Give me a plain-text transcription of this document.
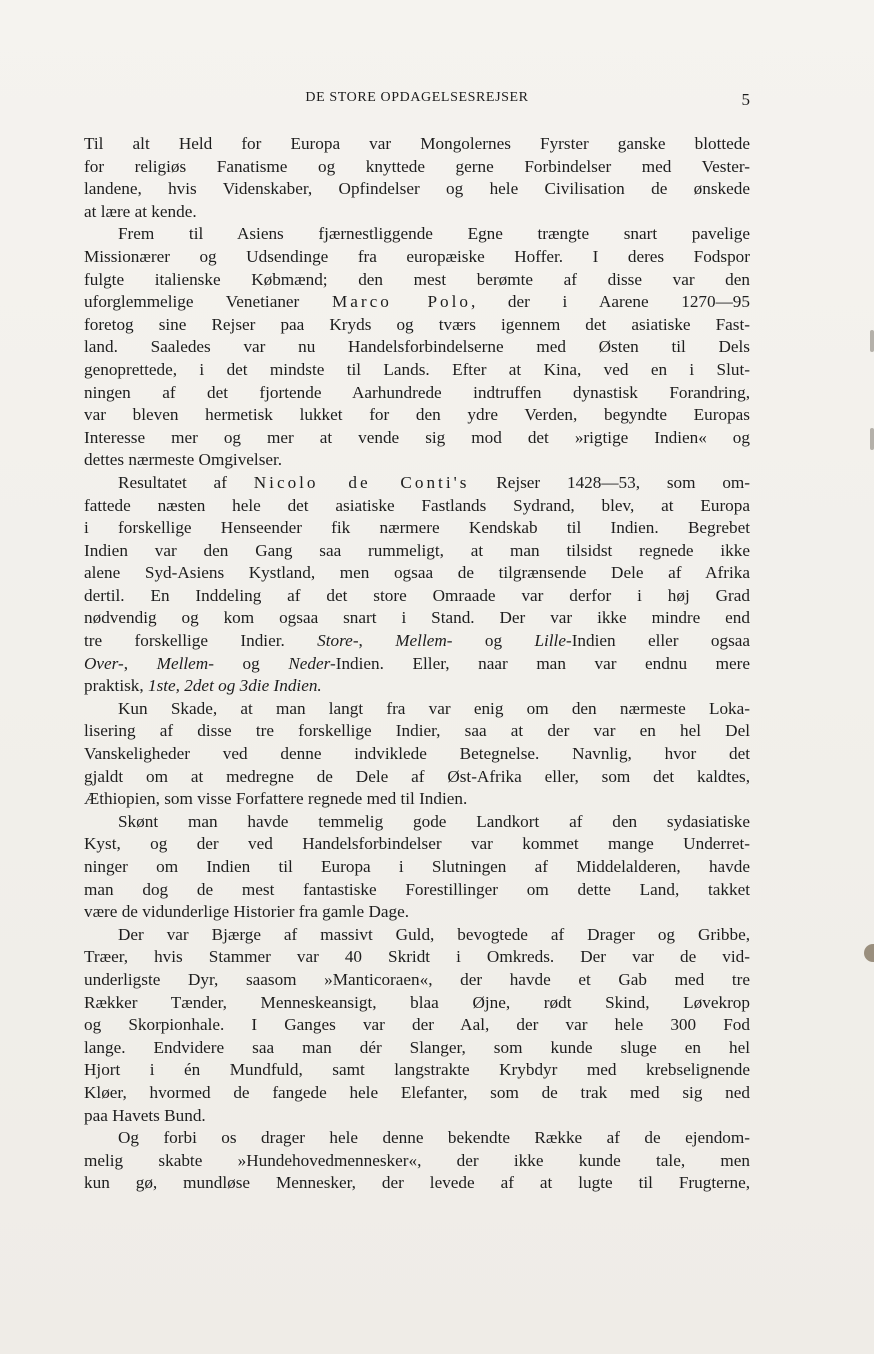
DE STORE OPDAGELSESREJSER	5
Til alt Held for Europa var Mongolernes Fyrster ganske blottede
for religiøs Fanatisme og knyttede gerne Forbindelser med Vester-
landene, hvis Videnskaber, Opfindelser og hele Civilisation de ønskede
at lære at kende.
Frem til Asiens fjærnestliggende Egne trængte snart pavelige
Missionærer og Udsendinge fra europæiske Hoffer. I deres Fodspor
fulgte italienske Købmænd; den mest berømte af disse var den
uforglemmelige Venetianer Marco Polo, der i Aarene 1270—95
foretog sine Rejser paa Kryds og tværs igennem det asiatiske Fast-
land. Saaledes var nu Handelsforbindelserne med Østen til Dels
genoprettede, i det mindste til Lands. Efter at Kina, ved en i Slut-
ningen af det fjortende Aarhundrede indtruffen dynastisk Forandring,
var bleven hermetisk lukket for den ydre Verden, begyndte Europas
Interesse mer og mer at vende sig mod det »rigtige Indien« og
dettes nærmeste Omgivelser.
Resultatet af Nicolo de Conti's Rejser 1428—53, som om-
fattede næsten hele det asiatiske Fastlands Sydrand, blev, at Europa
i forskellige Henseender fik nærmere Kendskab til Indien. Begrebet
Indien var den Gang saa rummeligt, at man tilsidst regnede ikke
alene Syd-Asiens Kystland, men ogsaa de tilgrænsende Dele af Afrika
dertil. En Inddeling af det store Omraade var derfor i høj Grad
nødvendig og kom ogsaa snart i Stand. Der var ikke mindre end
tre forskellige Indier. Store-, Mellem- og Lille-Indien eller ogsaa
Over-, Mellem- og Neder-Indien. Eller, naar man var endnu mere
praktisk, 1ste, 2det og 3die Indien.
Kun Skade, at man langt fra var enig om den nærmeste Loka-
lisering af disse tre forskellige Indier, saa at der var en hel Del
Vanskeligheder ved denne indviklede Betegnelse. Navnlig, hvor det
gjaldt om at medregne de Dele af Øst-Afrika eller, som det kaldtes,
Æthiopien, som visse Forfattere regnede med til Indien.
Skønt man havde temmelig gode Landkort af den sydasiatiske
Kyst, og der ved Handelsforbindelser var kommet mange Underret-
ninger om Indien til Europa i Slutningen af Middelalderen, havde
man dog de mest fantastiske Forestillinger om dette Land, takket
være de vidunderlige Historier fra gamle Dage.
Der var Bjærge af massivt Guld, bevogtede af Drager og Gribbe,
Træer, hvis Stammer var 40 Skridt i Omkreds. Der var de vid-
underligste Dyr, saasom »Manticoraen«, der havde et Gab med tre
Rækker Tænder, Menneskeansigt, blaa Øjne, rødt Skind, Løvekrop
og Skorpionhale. I Ganges var der Aal, der var hele 300 Fod
lange. Endvidere saa man dér Slanger, som kunde sluge en hel
Hjort i én Mundfuld, samt langstrakte Krybdyr med krebselignende
Kløer, hvormed de fangede hele Elefanter, som de trak med sig ned
paa Havets Bund.
Og forbi os drager hele denne bekendte Række af de ejendom-
melig skabte »Hundehovedmennesker«, der ikke kunde tale, men
kun gø, mundløse Mennesker, der levede af at lugte til Frugterne,
